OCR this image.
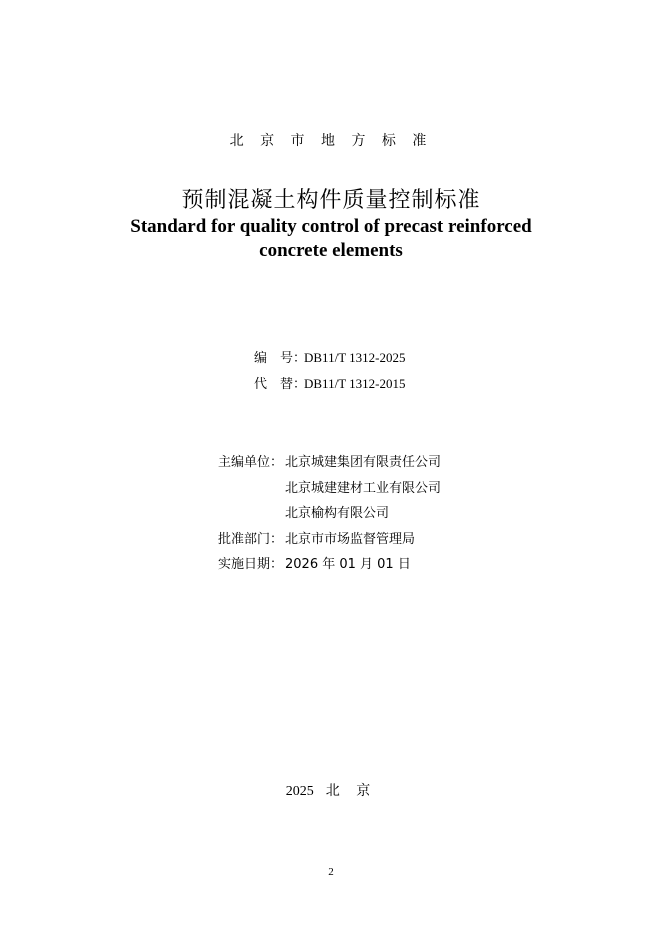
北 京 市 地 方 标 准
预制混凝土构件质量控制标准
Standard for quality control of precast reinforced
concrete elements
编　号：DB11/T 1312-2025
代　替：DB11/T 1312-2015
主编单位： 北京城建集团有限责任公司
北京城建建材工业有限公司
北京榆构有限公司
批准部门： 北京市市场监督管理局
实施日期： 2026 年 01 月 01 日
2025 北 京
2
